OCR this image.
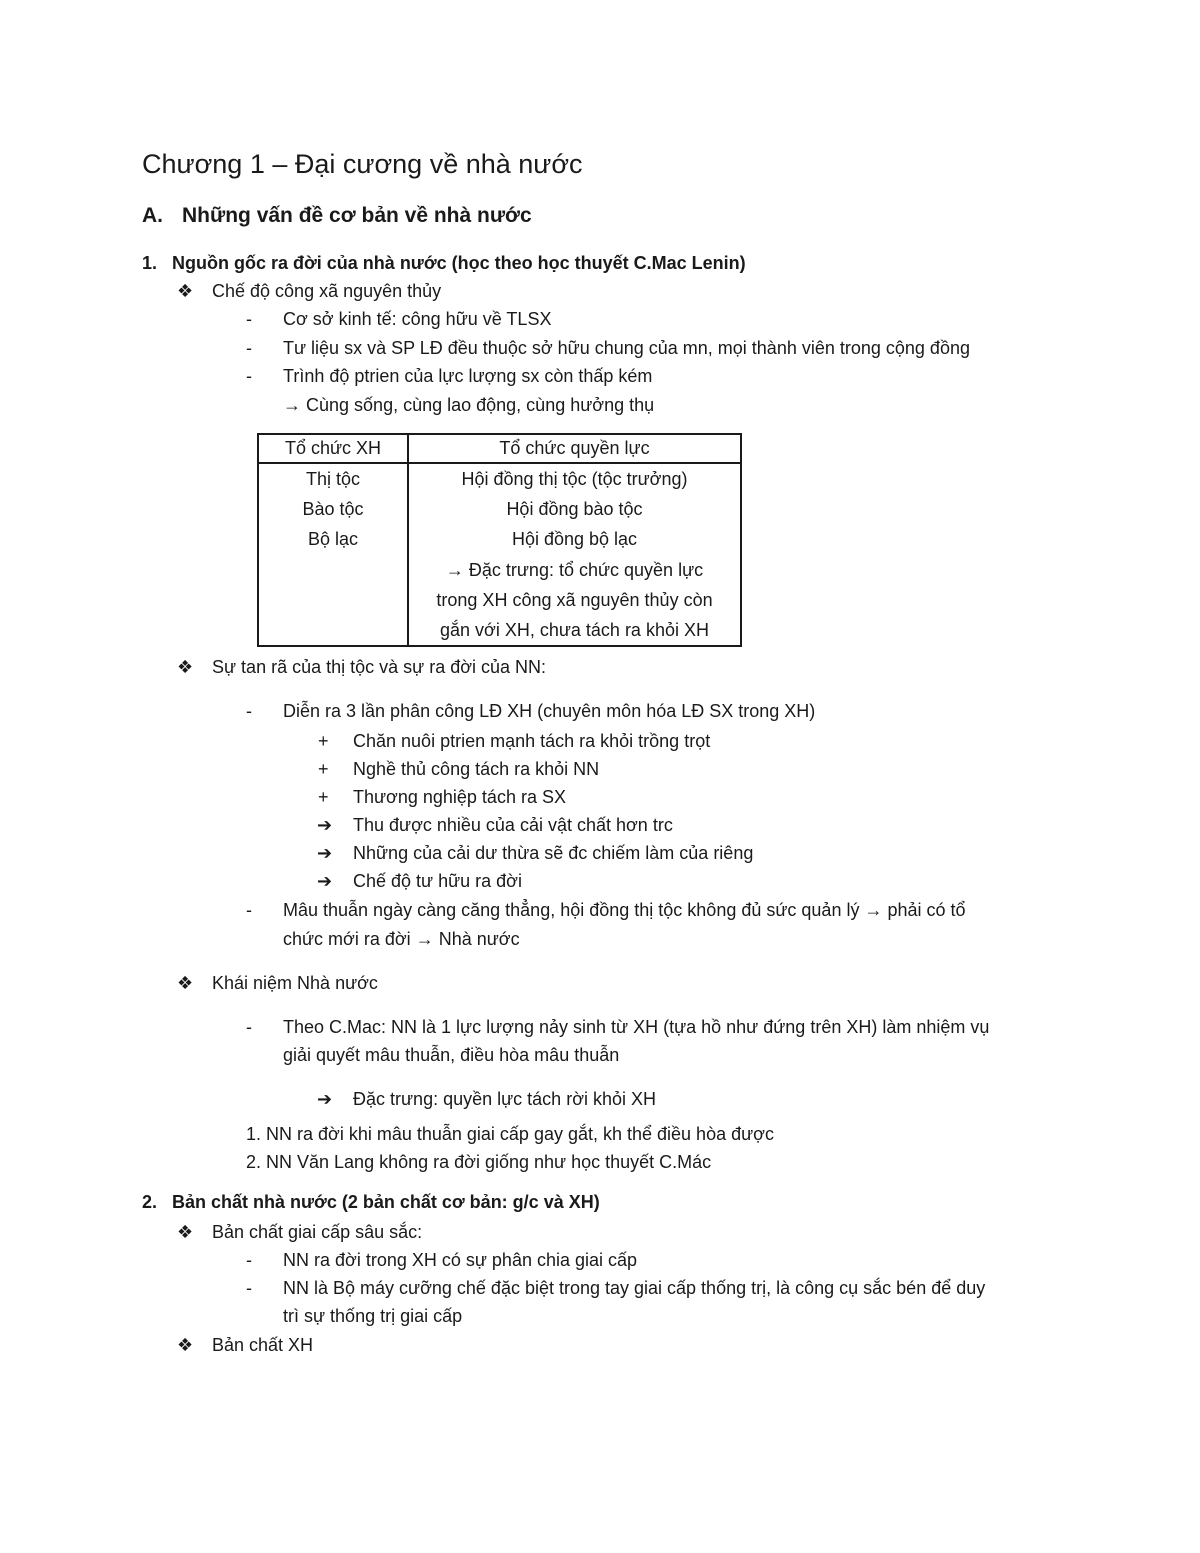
Chương 1 – Đại cương về nhà nước
A. Những vấn đề cơ bản về nhà nước
1. Nguồn gốc ra đời của nhà nước (học theo học thuyết C.Mac Lenin)
❖ Chế độ công xã nguyên thủy
- Cơ sở kinh tế: công hữu về TLSX
- Tư liệu sx và SP LĐ đều thuộc sở hữu chung của mn, mọi thành viên trong cộng đồng
- Trình độ ptrien của lực lượng sx còn thấp kém
→ Cùng sống, cùng lao động, cùng hưởng thụ
Tổ chức XH	Tổ chức quyền lực
Thị tộc	Hội đồng thị tộc (tộc trưởng)
Bào tộc	Hội đồng bào tộc
Bộ lạc	Hội đồng bộ lạc

	→ Đặc trưng: tổ chức quyền lực
trong XH công xã nguyên thủy còn
gắn với XH, chưa tách ra khỏi XH
❖ Sự tan rã của thị tộc và sự ra đời của NN:
- Diễn ra 3 lần phân công LĐ XH (chuyên môn hóa LĐ SX trong XH)
+ Chăn nuôi ptrien mạnh tách ra khỏi trồng trọt
+ Nghề thủ công tách ra khỏi NN
+ Thương nghiệp tách ra SX
➔ Thu được nhiều của cải vật chất hơn trc
➔ Những của cải dư thừa sẽ đc chiếm làm của riêng
➔ Chế độ tư hữu ra đời
- Mâu thuẫn ngày càng căng thẳng, hội đồng thị tộc không đủ sức quản lý → phải có tổ
chức mới ra đời → Nhà nước
❖ Khái niệm Nhà nước
- Theo C.Mac: NN là 1 lực lượng nảy sinh từ XH (tựa hồ như đứng trên XH) làm nhiệm vụ
giải quyết mâu thuẫn, điều hòa mâu thuẫn
➔ Đặc trưng: quyền lực tách rời khỏi XH
1. NN ra đời khi mâu thuẫn giai cấp gay gắt, kh thể điều hòa được
2. NN Văn Lang không ra đời giống như học thuyết C.Mác
2. Bản chất nhà nước (2 bản chất cơ bản: g/c và XH)
❖ Bản chất giai cấp sâu sắc:
- NN ra đời trong XH có sự phân chia giai cấp
- NN là Bộ máy cưỡng chế đặc biệt trong tay giai cấp thống trị, là công cụ sắc bén để duy
trì sự thống trị giai cấp
❖ Bản chất XH
